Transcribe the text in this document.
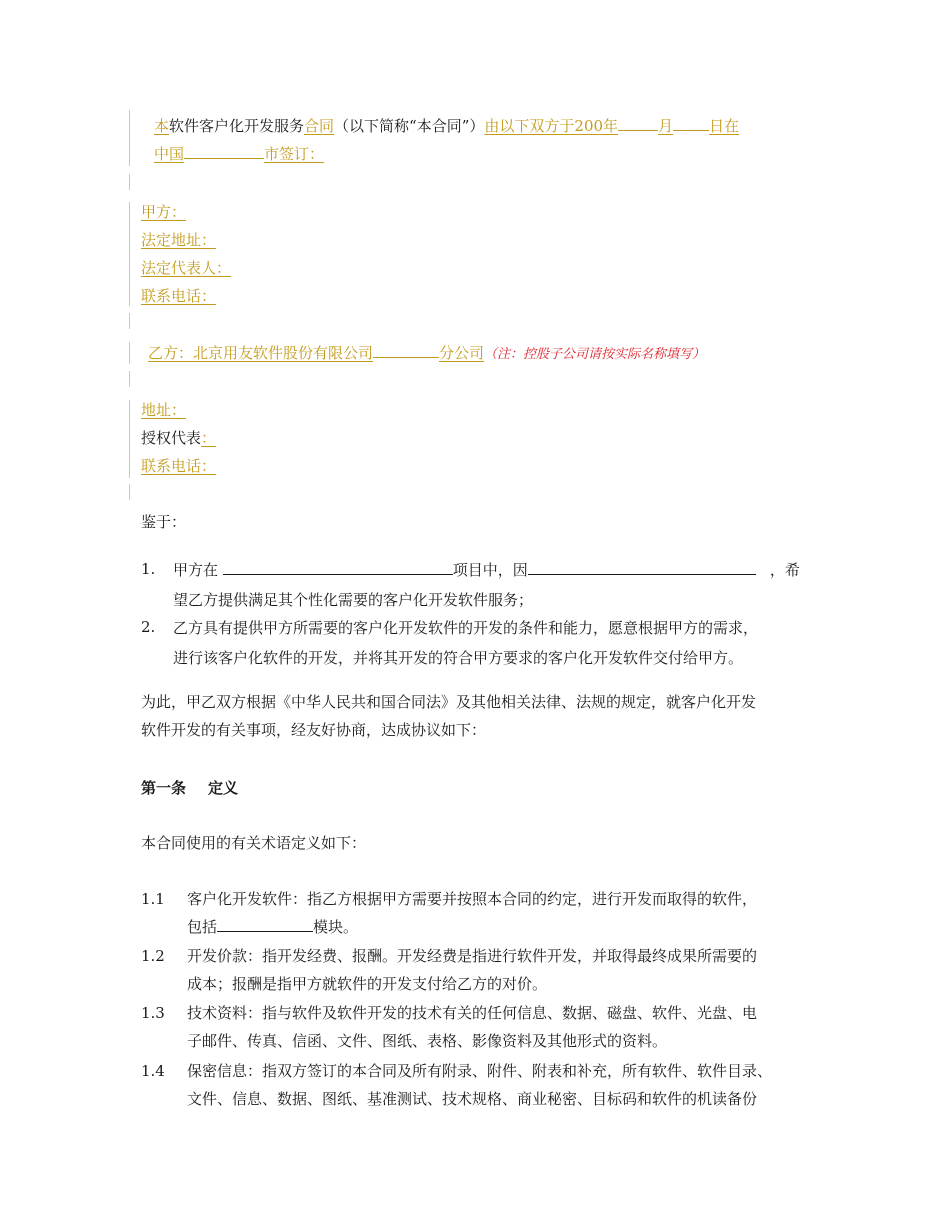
本软件客户化开发服务合同（以下简称“本合同”）由以下双方于200年	月 日在
中国	市签订：
甲方：
法定地址：
法定代表人：
联系电话：
乙方：北京用友软件股份有限公司	分公司（注：控股子公司请按实际名称填写）
地址：
授权代表：
联系电话：
鉴于：
1. 甲方在	项目中，因	，希
望乙方提供满足其个性化需要的客户化开发软件服务；
2. 乙方具有提供甲方所需要的客户化开发软件的开发的条件和能力，愿意根据甲方的需求，
进行该客户化软件的开发，并将其开发的符合甲方要求的客户化开发软件交付给甲方。
为此，甲乙双方根据《中华人民共和国合同法》及其他相关法律、法规的规定，就客户化开发
软件开发的有关事项，经友好协商，达成协议如下：
第一条 定义
本合同使用的有关术语定义如下：
1.1 客户化开发软件：指乙方根据甲方需要并按照本合同的约定，进行开发而取得的软件，
包括	模块。
1.2 开发价款：指开发经费、报酬。开发经费是指进行软件开发，并取得最终成果所需要的
成本；报酬是指甲方就软件的开发支付给乙方的对价。
1.3 技术资料：指与软件及软件开发的技术有关的任何信息、数据、磁盘、软件、光盘、电
子邮件、传真、信函、文件、图纸、表格、影像资料及其他形式的资料。
1.4 保密信息：指双方签订的本合同及所有附录、附件、附表和补充，所有软件、软件目录、
文件、信息、数据、图纸、基准测试、技术规格、商业秘密、目标码和软件的机读备份
